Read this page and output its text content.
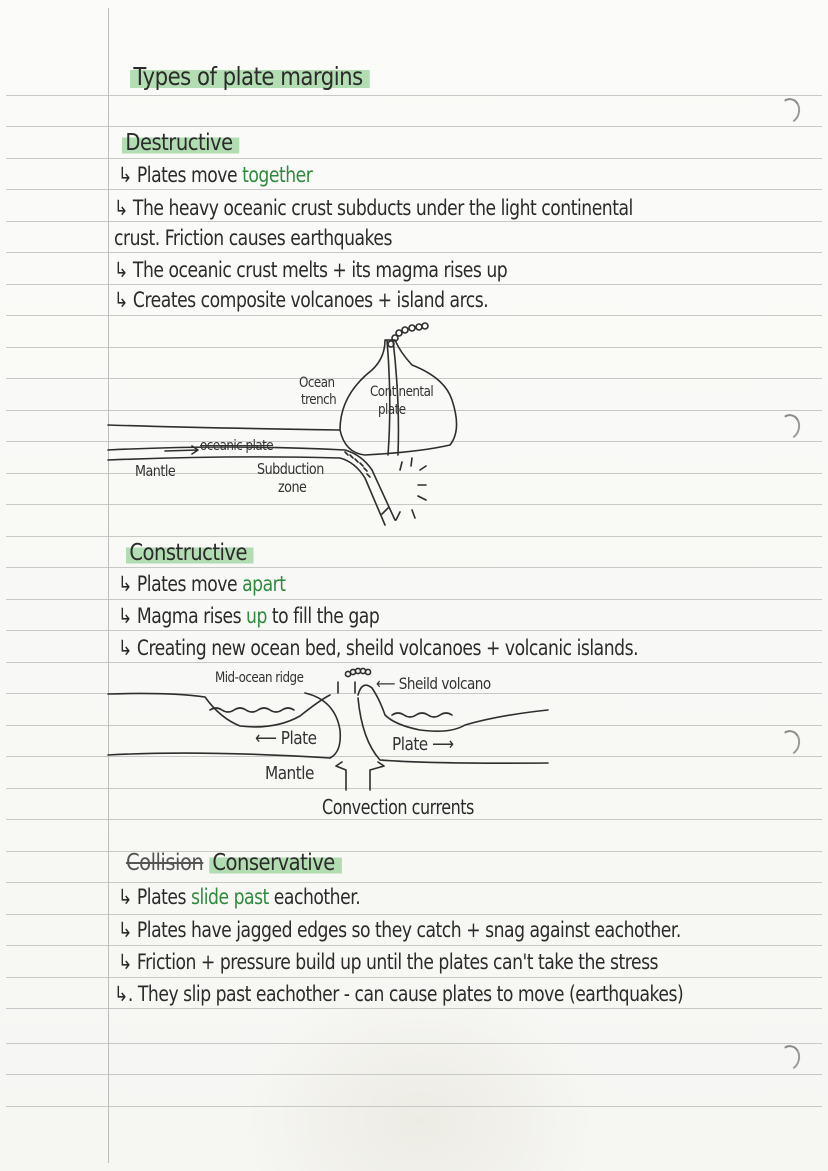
Types of plate margins
Destructive
↳ Plates move together
↳ The heavy oceanic crust subducts under the light continental
crust. Friction causes earthquakes
↳ The oceanic crust melts + its magma rises up
↳ Creates composite volcanoes + island arcs.
Ocean
trench Continental
plate
oceanic plate
Mantle	Subduction
zone
Constructive
↳ Plates move apart
↳ Magma rises up to fill the gap
↳ Creating new ocean bed, sheild volcanoes + volcanic islands.
Mid-ocean ridge	⟵ Sheild volcano
⟵ Plate	Plate ⟶
Mantle
Convection currents
Collision Conservative
↳ Plates slide past eachother.
↳ Plates have jagged edges so they catch + snag against eachother.
↳ Friction + pressure build up until the plates can't take the stress
↳. They slip past eachother - can cause plates to move (earthquakes)
